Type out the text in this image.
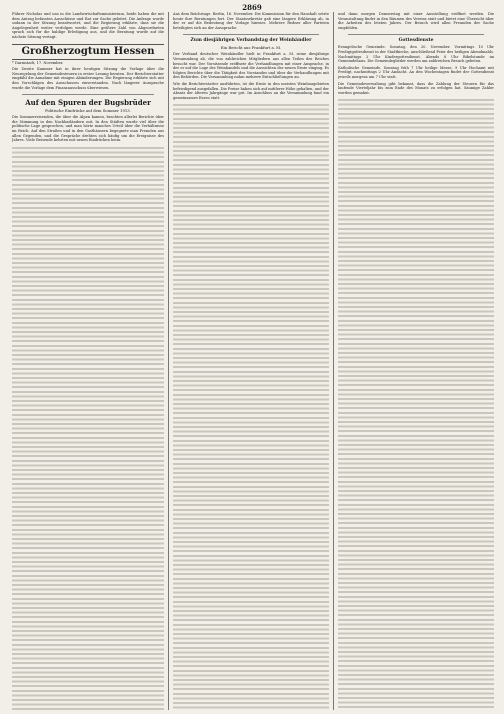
2869

Führer Nicholas und uns in die Landwirtschaftsministerium, beide haben die mit dem Antrag befassten Ausschüsse und Rat zur Sache geleitet. Die Anfrage wurde sodann in der Sitzung beantwortet, und die Regierung erklärte, dass sie die Angelegenheit weiter verfolgen werde. Eine größere Zahl von Abgeordneten sprach sich für die baldige Erledigung aus, und die Beratung wurde auf die nächste Sitzung vertagt.

Großherzogtum Hessen

* Darmstadt, 17. November.

Die Zweite Kammer hat in ihrer heutigen Sitzung die Vorlage über die Neuregelung der Gemeindesteuern in erster Lesung beraten. Der Berichterstatter empfahl die Annahme mit einigen Abänderungen. Die Regierung erklärte sich mit den Vorschlägen des Ausschusses einverstanden. Nach längerer Aussprache wurde die Vorlage dem Finanzausschuss überwiesen.

Auf den Spuren der Bugsbrüder
Politische Eindrücke auf dem Sommer 1913.

Die Sommerreisenden, die über die Alpen kamen, brachten allerlei Berichte über die Stimmung in den Nachbarländern mit. In den Städten wurde viel über die politische Lage gesprochen, und man hörte manches Urteil über die Verhältnisse im Reich. Auf den Straßen und in den Gasthäusern begegnete man Fremden aus allen Gegenden, und die Gespräche drehten sich häufig um die Ereignisse des Jahres. Viele Reisende kehrten mit neuen Eindrücken heim.

Aus dem Reichstage. Berlin, 16. November. Die Kommission für den Haushalt setzte heute ihre Beratungen fort. Der Staatssekretär gab eine längere Erklärung ab, in der er auf die Bedeutung der Vorlage hinwies. Mehrere Redner aller Parteien beteiligten sich an der Aussprache.

Zum diesjährigen Verbandstag der Weinhändler
Ein Bericht aus Frankfurt a. M.

Der Verband deutscher Weinhändler hielt in Frankfurt a. M. seine diesjährige Versammlung ab, die von zahlreichen Mitgliedern aus allen Teilen des Reiches besucht war. Der Vorsitzende eröffnete die Verhandlungen mit einer Ansprache, in der er auf die Lage des Weinhandels und die Aussichten der neuen Ernte einging. Es folgten Berichte über die Tätigkeit des Vorstandes und über die Verhandlungen mit den Behörden. Die Versammlung nahm mehrere Entschließungen an.

Wie die Berichterstatter ausführten, ist die Ernte in den meisten Weinbaugebieten befriedigend ausgefallen. Die Preise haben sich auf mittlerer Höhe gehalten, und der Absatz der älteren Jahrgänge war gut. Im Anschluss an die Versammlung fand ein gemeinsames Essen statt.

und dann morgen Donnerstag mit einer Ausstellung eröffnet werden. Die Veranstaltung findet in den Räumen des Vereins statt und bietet eine Übersicht über die Arbeiten des letzten Jahres. Der Besuch wird allen Freunden der Sache empfohlen.

Gottesdienste

Evangelische Gemeinde. Sonntag, den 20. November. Vormittags 10 Uhr Predigtgottesdienst in der Stadtkirche, anschließend Feier des heiligen Abendmahls. Nachmittags 2 Uhr Kindergottesdienst. Abends 8 Uhr Bibelstunde im Gemeindehaus. Die Gemeindeglieder werden um zahlreichen Besuch gebeten.

Katholische Gemeinde. Sonntag früh 7 Uhr heilige Messe, 9 Uhr Hochamt mit Predigt, nachmittags 2 Uhr Andacht. An den Wochentagen findet der Gottesdienst jeweils morgens um 7 Uhr statt.

Die Gemeindeverwaltung gibt bekannt, dass die Zahlung der Steuern für das laufende Vierteljahr bis zum Ende des Monats zu erfolgen hat. Säumige Zahler werden gemahnt.
